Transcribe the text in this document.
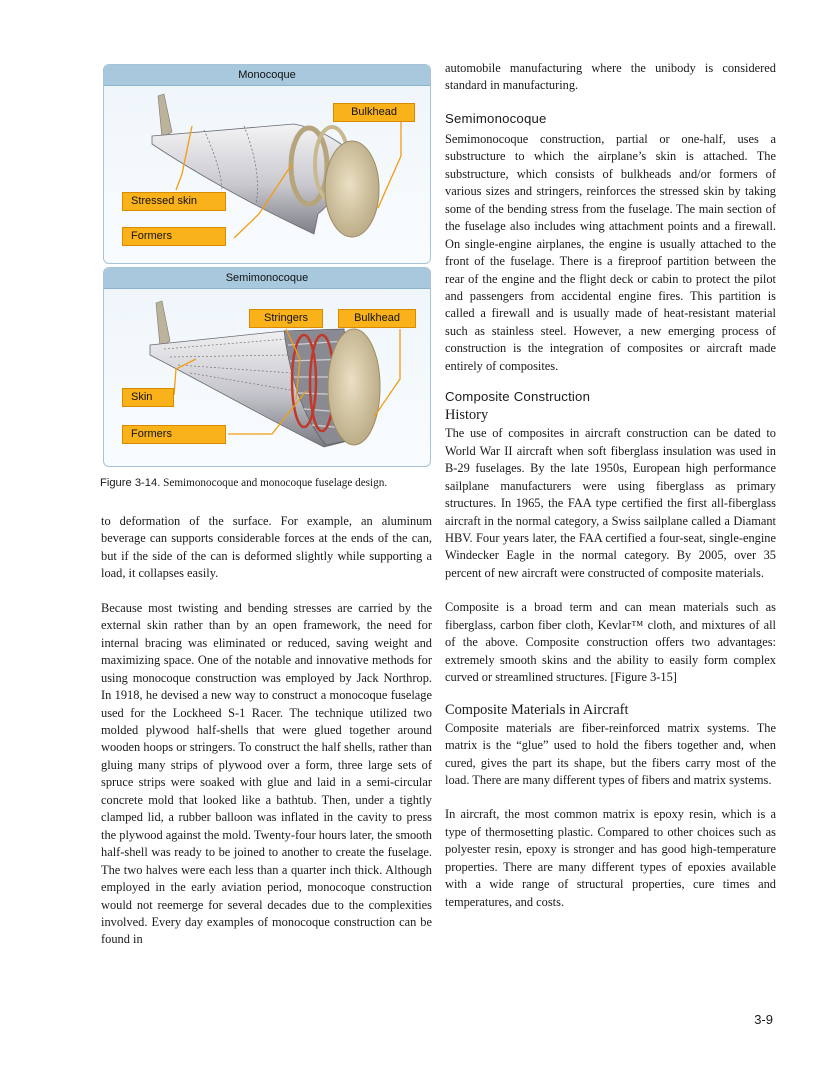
Monocoque
Bulkhead
Stressed skin
Formers
Semimonocoque
Stringers	Bulkhead
Skin
Formers
Figure 3-14. Semimonocoque and monocoque fuselage design.

to deformation of the surface. For example, an aluminum beverage can supports considerable forces at the ends of the can, but if the side of the can is deformed slightly while supporting a load, it collapses easily.

Because most twisting and bending stresses are carried by the external skin rather than by an open framework, the need for internal bracing was eliminated or reduced, saving weight and maximizing space. One of the notable and innovative methods for using monocoque construction was employed by Jack Northrop. In 1918, he devised a new way to construct a monocoque fuselage used for the Lockheed S-1 Racer. The technique utilized two molded plywood half-shells that were glued together around wooden hoops or stringers. To construct the half shells, rather than gluing many strips of plywood over a form, three large sets of spruce strips were soaked with glue and laid in a semi-circular concrete mold that looked like a bathtub. Then, under a tightly clamped lid, a rubber balloon was inflated in the cavity to press the plywood against the mold. Twenty-four hours later, the smooth half-shell was ready to be joined to another to create the fuselage. The two halves were each less than a quarter inch thick. Although employed in the early aviation period, monocoque construction would not reemerge for several decades due to the complexities involved. Every day examples of monocoque construction can be found in

automobile manufacturing where the unibody is considered standard in manufacturing.

Semimonocoque

Semimonocoque construction, partial or one-half, uses a substructure to which the airplane’s skin is attached. The substructure, which consists of bulkheads and/or formers of various sizes and stringers, reinforces the stressed skin by taking some of the bending stress from the fuselage. The main section of the fuselage also includes wing attachment points and a firewall. On single-engine airplanes, the engine is usually attached to the front of the fuselage. There is a fireproof partition between the rear of the engine and the flight deck or cabin to protect the pilot and passengers from accidental engine fires. This partition is called a firewall and is usually made of heat-resistant material such as stainless steel. However, a new emerging process of construction is the integration of composites or aircraft made entirely of composites.

Composite Construction
History

The use of composites in aircraft construction can be dated to World War II aircraft when soft fiberglass insulation was used in B-29 fuselages. By the late 1950s, European high performance sailplane manufacturers were using fiberglass as primary structures. In 1965, the FAA type certified the first all-fiberglass aircraft in the normal category, a Swiss sailplane called a Diamant HBV. Four years later, the FAA certified a four-seat, single-engine Windecker Eagle in the normal category. By 2005, over 35 percent of new aircraft were constructed of composite materials.

Composite is a broad term and can mean materials such as fiberglass, carbon fiber cloth, Kevlar™ cloth, and mixtures of all of the above. Composite construction offers two advantages: extremely smooth skins and the ability to easily form complex curved or streamlined structures. [Figure 3-15]

Composite Materials in Aircraft

Composite materials are fiber-reinforced matrix systems. The matrix is the “glue” used to hold the fibers together and, when cured, gives the part its shape, but the fibers carry most of the load. There are many different types of fibers and matrix systems.

In aircraft, the most common matrix is epoxy resin, which is a type of thermosetting plastic. Compared to other choices such as polyester resin, epoxy is stronger and has good high-temperature properties. There are many different types of epoxies available with a wide range of structural properties, cure times and temperatures, and costs.

3-9
